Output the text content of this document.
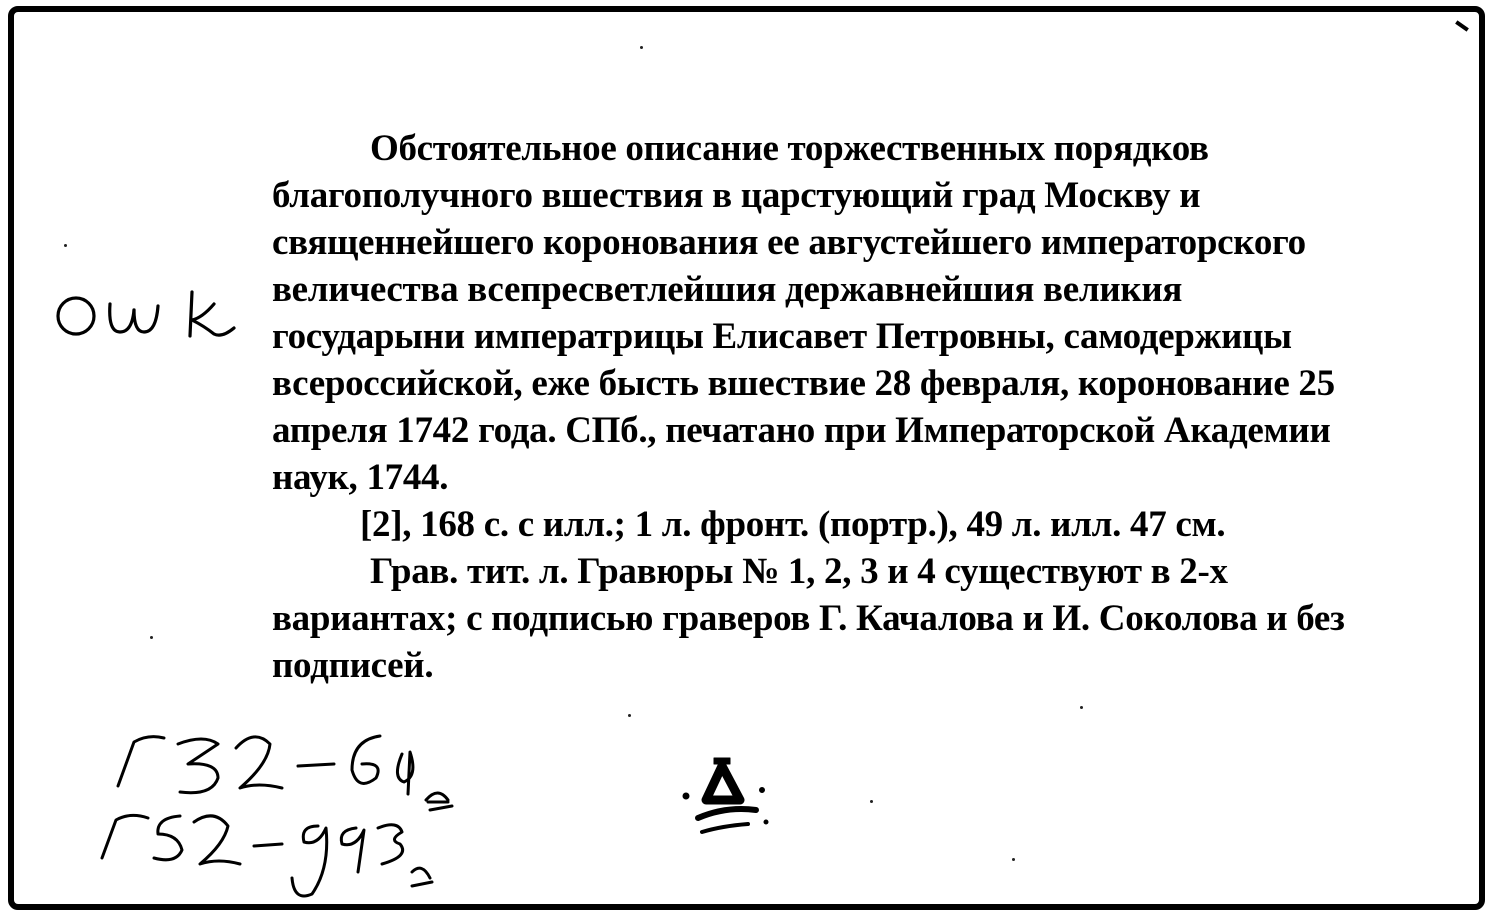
Обстоятельное описание торжественных порядков благополучного вшествия в царстующий град Москву и священнейшего коронования ее августейшего императорского величества всепресветлейшия державнейшия великия государыни императрицы Елисавет Петровны, самодержицы всероссийской, еже бысть вшествие 28 февраля, коронование 25 апреля 1742 года. СПб., печатано при Императорской Академии наук, 1744.

[2], 168 с. с илл.; 1 л. фронт. (портр.), 49 л. илл. 47 см.

Грав. тит. л. Гравюры № 1, 2, 3 и 4 существуют в 2-х вариантах; с подписью граверов Г. Качалова и И. Соколова и без подписей.
